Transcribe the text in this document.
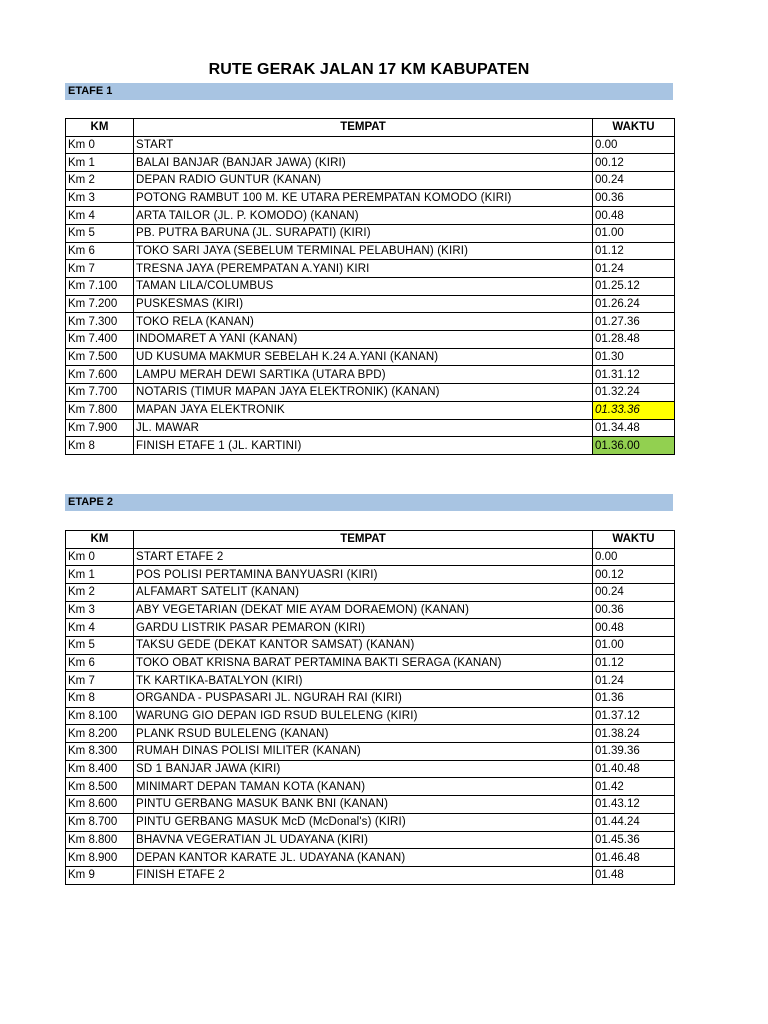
RUTE GERAK JALAN 17 KM KABUPATEN
ETAFE 1
KM	TEMPAT	WAKTU
Km 0	START	0.00
Km 1	BALAI BANJAR (BANJAR JAWA) (KIRI)	00.12
Km 2	DEPAN RADIO GUNTUR (KANAN)	00.24
Km 3	POTONG RAMBUT 100 M. KE UTARA PEREMPATAN KOMODO (KIRI)	00.36
Km 4	ARTA TAILOR (JL. P. KOMODO) (KANAN)	00.48
Km 5	PB. PUTRA BARUNA (JL. SURAPATI) (KIRI)	01.00
Km 6	TOKO SARI JAYA (SEBELUM TERMINAL PELABUHAN) (KIRI)	01.12
Km 7	TRESNA JAYA (PEREMPATAN A.YANI) KIRI	01.24
Km 7.100	TAMAN LILA/COLUMBUS	01.25.12
Km 7.200	PUSKESMAS (KIRI)	01.26.24
Km 7.300	TOKO RELA (KANAN)	01.27.36
Km 7.400	INDOMARET A YANI (KANAN)	01.28.48
Km 7.500	UD KUSUMA MAKMUR SEBELAH K.24 A.YANI (KANAN)	01.30
Km 7.600	LAMPU MERAH DEWI SARTIKA (UTARA BPD)	01.31.12
Km 7.700	NOTARIS (TIMUR MAPAN JAYA ELEKTRONIK) (KANAN)	01.32.24
Km 7.800	MAPAN JAYA ELEKTRONIK	01.33.36
Km 7.900	JL. MAWAR	01.34.48
Km 8	FINISH ETAFE 1 (JL. KARTINI)	01.36.00
ETAPE 2
KM	TEMPAT	WAKTU
Km 0	START ETAFE 2	0.00
Km 1	POS POLISI PERTAMINA BANYUASRI (KIRI)	00.12
Km 2	ALFAMART SATELIT (KANAN)	00.24
Km 3	ABY VEGETARIAN (DEKAT MIE AYAM DORAEMON) (KANAN)	00.36
Km 4	GARDU LISTRIK PASAR PEMARON (KIRI)	00.48
Km 5	TAKSU GEDE (DEKAT KANTOR SAMSAT) (KANAN)	01.00
Km 6	TOKO OBAT KRISNA BARAT PERTAMINA BAKTI SERAGA (KANAN)	01.12
Km 7	TK KARTIKA-BATALYON (KIRI)	01.24
Km 8	ORGANDA - PUSPASARI JL. NGURAH RAI (KIRI)	01.36
Km 8.100	WARUNG GIO DEPAN IGD RSUD BULELENG (KIRI)	01.37.12
Km 8.200	PLANK RSUD BULELENG (KANAN)	01.38.24
Km 8.300	RUMAH DINAS POLISI MILITER (KANAN)	01.39.36
Km 8.400	SD 1 BANJAR JAWA (KIRI)	01.40.48
Km 8.500	MINIMART DEPAN TAMAN KOTA (KANAN)	01.42
Km 8.600	PINTU GERBANG MASUK BANK BNI (KANAN)	01.43.12
Km 8.700	PINTU GERBANG MASUK McD (McDonal's) (KIRI)	01.44.24
Km 8.800	BHAVNA VEGERATIAN JL UDAYANA (KIRI)	01.45.36
Km 8.900	DEPAN KANTOR KARATE JL. UDAYANA (KANAN)	01.46.48
Km 9	FINISH ETAFE 2	01.48
